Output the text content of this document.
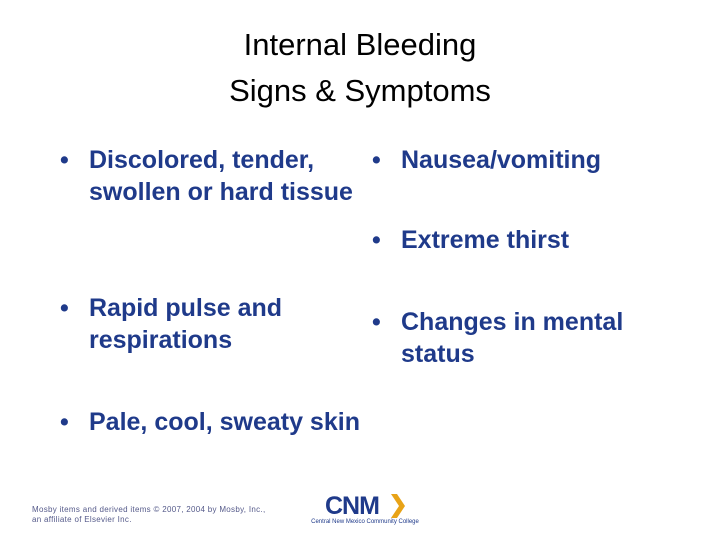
Internal Bleeding
Signs & Symptoms
• Discolored, tender, swollen or hard tissue
• Rapid pulse and respirations
• Pale, cool, sweaty skin
• Nausea/vomiting
• Extreme thirst
• Changes in mental status
Mosby items and derived items © 2007, 2004 by Mosby, Inc.,
an affiliate of Elsevier Inc.	CNM
Central New Mexico Community College
